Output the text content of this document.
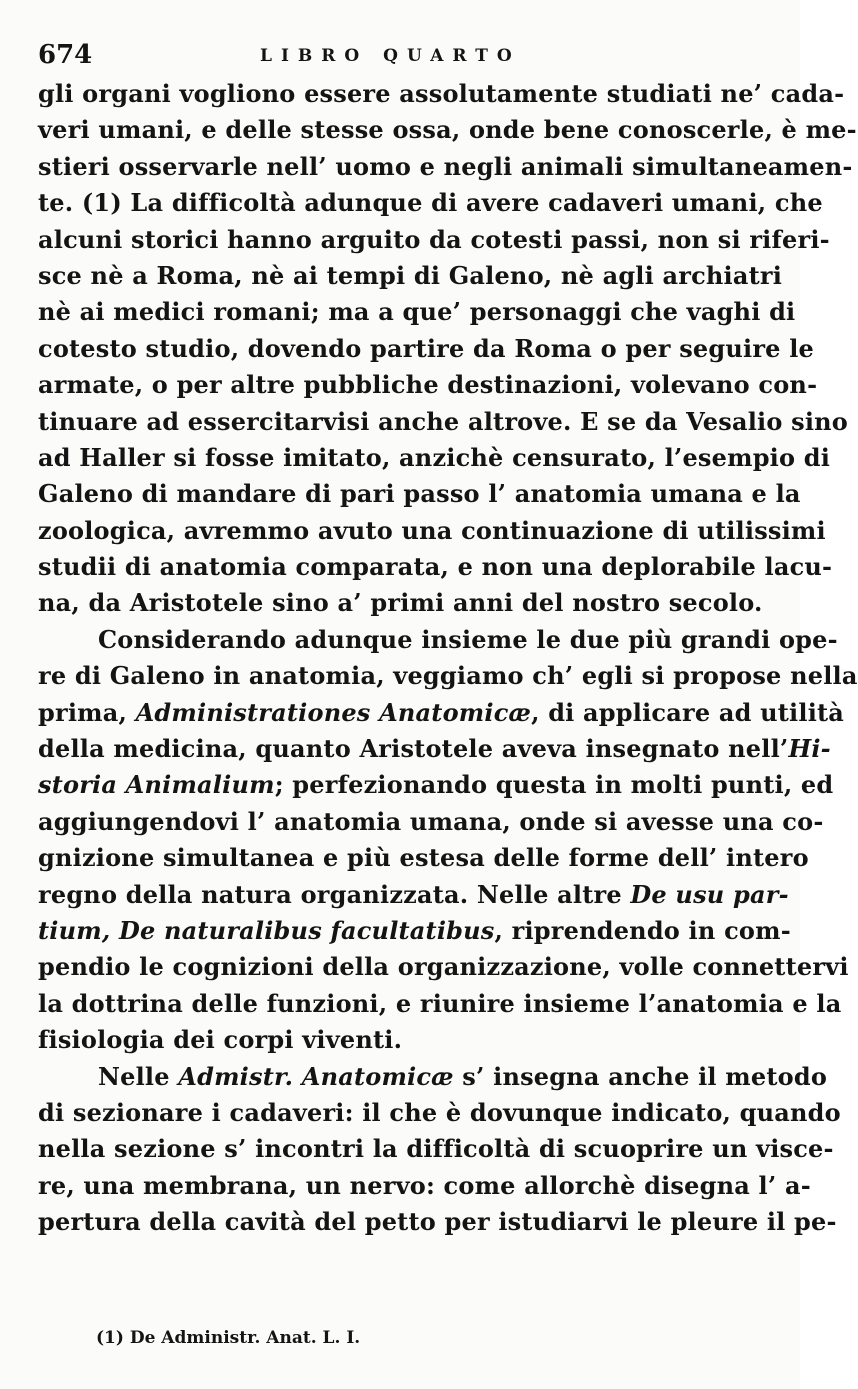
674	LIBRO QUARTO
gli organi vogliono essere assolutamente studiati ne’ cada-
veri umani, e delle stesse ossa, onde bene conoscerle, è me-
stieri osservarle nell’ uomo e negli animali simultaneamen-
te. (1) La difficoltà adunque di avere cadaveri umani, che
alcuni storici hanno arguito da cotesti passi, non si riferi-
sce nè a Roma, nè ai tempi di Galeno, nè agli archiatri
nè ai medici romani; ma a que’ personaggi che vaghi di
cotesto studio, dovendo partire da Roma o per seguire le
armate, o per altre pubbliche destinazioni, volevano con-
tinuare ad essercitarvisi anche altrove. E se da Vesalio sino
ad Haller si fosse imitato, anzichè censurato, l’esempio di
Galeno di mandare di pari passo l’ anatomia umana e la
zoologica, avremmo avuto una continuazione di utilissimi
studii di anatomia comparata, e non una deplorabile lacu-
na, da Aristotele sino a’ primi anni del nostro secolo.
Considerando adunque insieme le due più grandi ope-
re di Galeno in anatomia, veggiamo ch’ egli si propose nella
prima, Administrationes Anatomicæ, di applicare ad utilità
della medicina, quanto Aristotele aveva insegnato nell’Hi-
storia Animalium; perfezionando questa in molti punti, ed
aggiungendovi l’ anatomia umana, onde si avesse una co-
gnizione simultanea e più estesa delle forme dell’ intero
regno della natura organizzata. Nelle altre De usu par-
tium, De naturalibus facultatibus, riprendendo in com-
pendio le cognizioni della organizzazione, volle connettervi
la dottrina delle funzioni, e riunire insieme l’anatomia e la
fisiologia dei corpi viventi.
Nelle Admistr. Anatomicæ s’ insegna anche il metodo
di sezionare i cadaveri: il che è dovunque indicato, quando
nella sezione s’ incontri la difficoltà di scuoprire un visce-
re, una membrana, un nervo: come allorchè disegna l’ a-
pertura della cavità del petto per istudiarvi le pleure il pe-
(1) De Administr. Anat. L. I.
